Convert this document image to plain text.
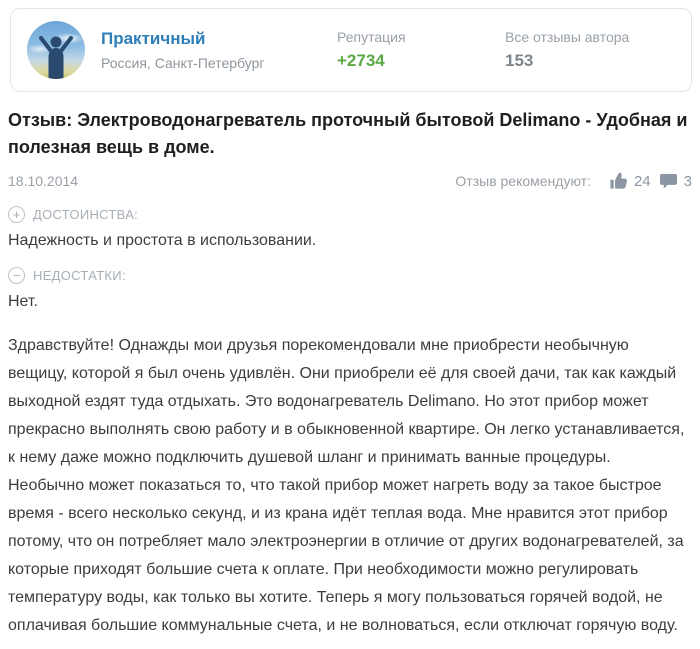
Практичный
Россия, Санкт-Петербург
Репутация
+2734
Все отзывы автора
153
Отзыв: Электроводонагреватель проточный бытовой Delimano - Удобная и полезная вещь в доме.
18.10.2014	Отзыв рекомендуют:	24 3
+ ДОСТОИНСТВА:
Надежность и простота в использовании.
− НЕДОСТАТКИ:
Нет.
Здравствуйте! Однажды мои друзья порекомендовали мне приобрести необычную вещицу, которой я был очень удивлён. Они приобрели её для своей дачи, так как каждый выходной ездят туда отдыхать. Это водонагреватель Delimano. Но этот прибор может прекрасно выполнять свою работу и в обыкновенной квартире. Он легко устанавливается, к нему даже можно подключить душевой шланг и принимать ванные процедуры.
Необычно может показаться то, что такой прибор может нагреть воду за такое быстрое время - всего несколько секунд, и из крана идёт теплая вода. Мне нравится этот прибор потому, что он потребляет мало электроэнергии в отличие от других водонагревателей, за которые приходят большие счета к оплате. При необходимости можно регулировать температуру воды, как только вы хотите. Теперь я могу пользоваться горячей водой, не оплачивая большие коммунальные счета, и не волноваться, если отключат горячую воду.
